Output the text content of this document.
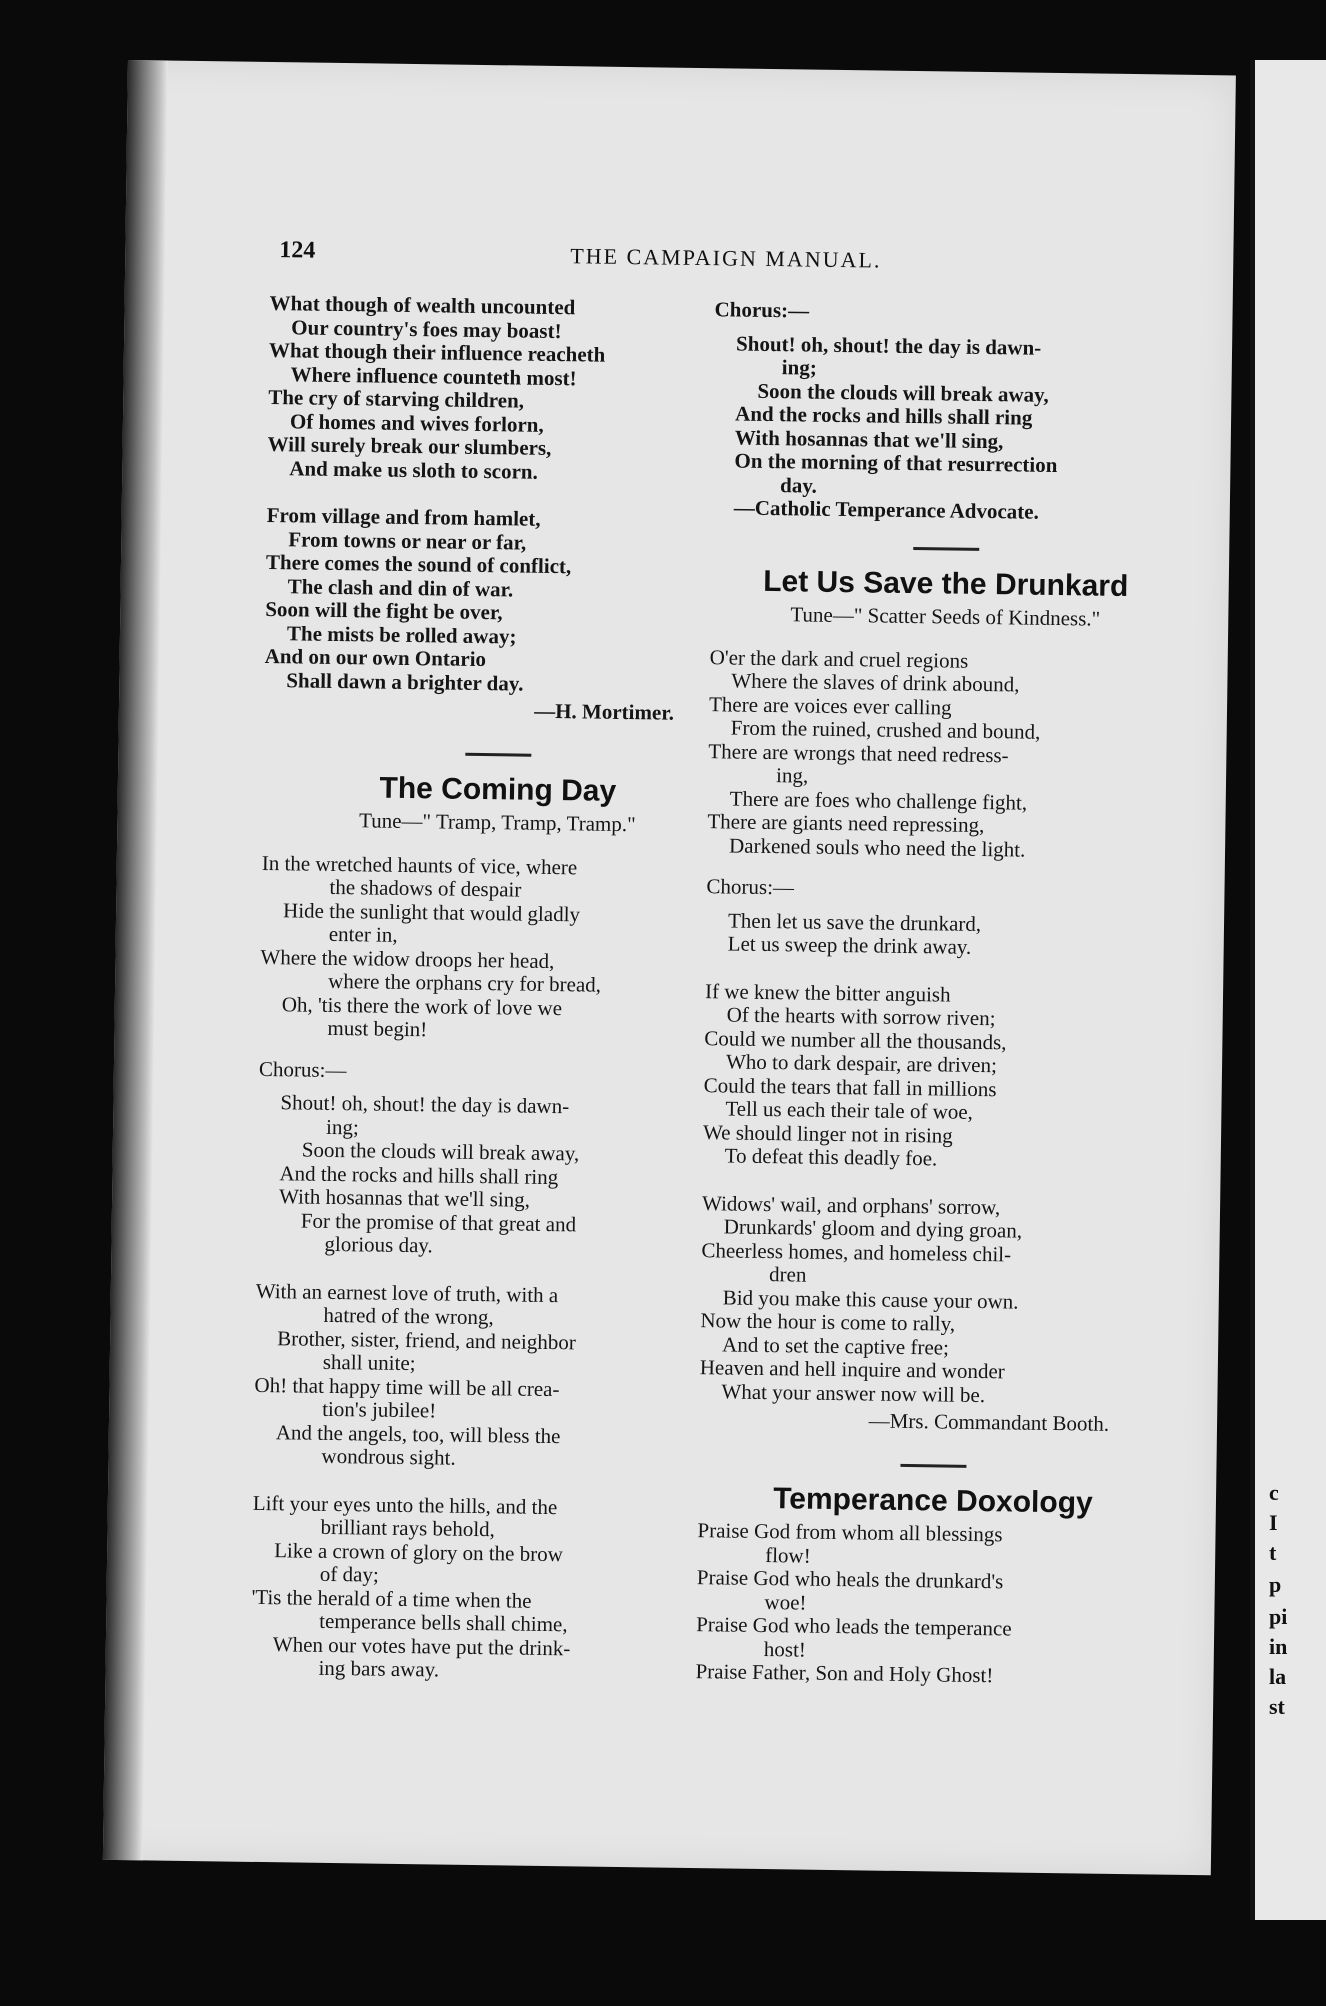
c
I
t
p
pi
in
la
st
124	THE CAMPAIGN MANUAL.
What though of wealth uncounted
Our country's foes may boast!
What though their influence reacheth
Where influence counteth most!
The cry of starving children,
Of homes and wives forlorn,
Will surely break our slumbers,
And make us sloth to scorn.
From village and from hamlet,
From towns or near or far,
There comes the sound of conflict,
The clash and din of war.
Soon will the fight be over,
The mists be rolled away;
And on our own Ontario
Shall dawn a brighter day.
—H. Mortimer.
The Coming Day
Tune—" Tramp, Tramp, Tramp."
In the wretched haunts of vice, where
the shadows of despair
Hide the sunlight that would gladly
enter in,
Where the widow droops her head,
where the orphans cry for bread,
Oh, 'tis there the work of love we
must begin!
Chorus:—
Shout! oh, shout! the day is dawn-
ing;
Soon the clouds will break away,
And the rocks and hills shall ring
With hosannas that we'll sing,
For the promise of that great and
glorious day.
With an earnest love of truth, with a
hatred of the wrong,
Brother, sister, friend, and neighbor
shall unite;
Oh! that happy time will be all crea-
tion's jubilee!
And the angels, too, will bless the
wondrous sight.
Lift your eyes unto the hills, and the
brilliant rays behold,
Like a crown of glory on the brow
of day;
'Tis the herald of a time when the
temperance bells shall chime,
When our votes have put the drink-
ing bars away.
Chorus:—
Shout! oh, shout! the day is dawn-
ing;
Soon the clouds will break away,
And the rocks and hills shall ring
With hosannas that we'll sing,
On the morning of that resurrection
day.
—Catholic Temperance Advocate.
Let Us Save the Drunkard
Tune—" Scatter Seeds of Kindness."
O'er the dark and cruel regions
Where the slaves of drink abound,
There are voices ever calling
From the ruined, crushed and bound,
There are wrongs that need redress-
ing,
There are foes who challenge fight,
There are giants need repressing,
Darkened souls who need the light.
Chorus:—
Then let us save the drunkard,
Let us sweep the drink away.
If we knew the bitter anguish
Of the hearts with sorrow riven;
Could we number all the thousands,
Who to dark despair, are driven;
Could the tears that fall in millions
Tell us each their tale of woe,
We should linger not in rising
To defeat this deadly foe.
Widows' wail, and orphans' sorrow,
Drunkards' gloom and dying groan,
Cheerless homes, and homeless chil-
dren
Bid you make this cause your own.
Now the hour is come to rally,
And to set the captive free;
Heaven and hell inquire and wonder
What your answer now will be.
—Mrs. Commandant Booth.
Temperance Doxology
Praise God from whom all blessings
flow!
Praise God who heals the drunkard's
woe!
Praise God who leads the temperance
host!
Praise Father, Son and Holy Ghost!
